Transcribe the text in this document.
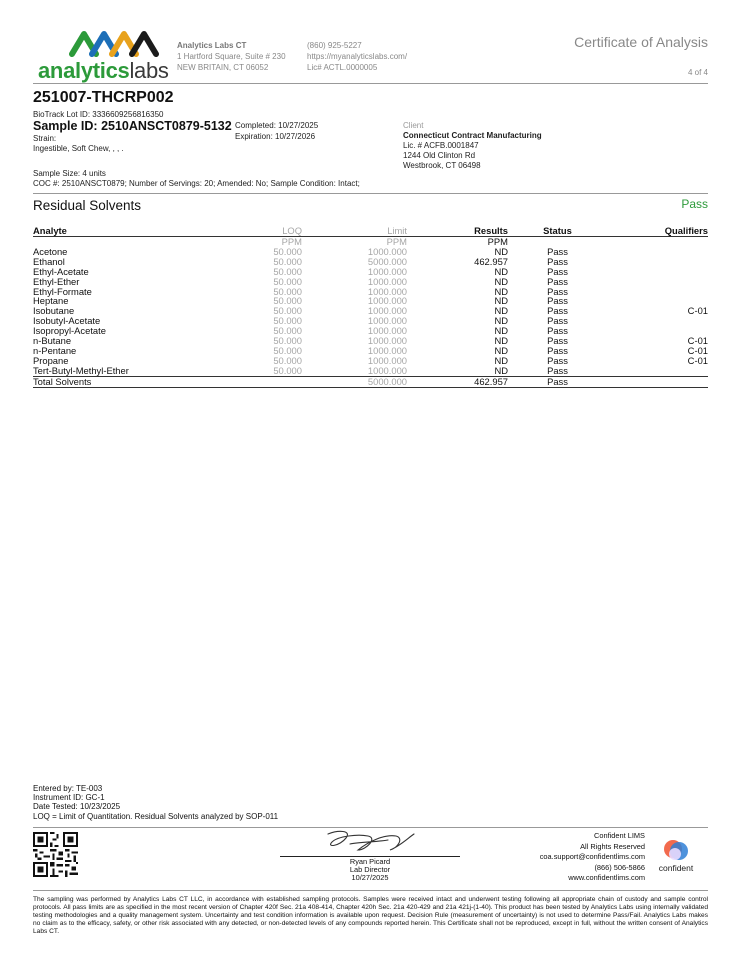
analyticslabs
Analytics Labs CT
1 Hartford Square, Suite # 230
NEW BRITAIN, CT 06052
(860) 925-5227
https://myanalyticslabs.com/
Lic# ACTL.0000005
Certificate of Analysis
4 of 4
251007-THCRP002
BioTrack Lot ID: 3336609256816350
Sample ID: 2510ANSCT0879-5132
Strain:
Ingestible, Soft Chew, , , .
Completed: 10/27/2025
Expiration: 10/27/2026
Client
Connecticut Contract Manufacturing
Lic. # ACFB.0001847
1244 Old Clinton Rd
Westbrook, CT 06498
Sample Size: 4 units
COC #: 2510ANSCT0879; Number of Servings: 20; Amended: No; Sample Condition: Intact;
Residual Solvents	Pass
Analyte	LOQ	Limit	Results	Status	Qualifiers
	PPM	PPM	PPM		
Acetone	50.000	1000.000	ND	Pass	
Ethanol	50.000	5000.000	462.957	Pass	
Ethyl-Acetate	50.000	1000.000	ND	Pass	
Ethyl-Ether	50.000	1000.000	ND	Pass	
Ethyl-Formate	50.000	1000.000	ND	Pass	
Heptane	50.000	1000.000	ND	Pass	
Isobutane	50.000	1000.000	ND	Pass	C-01
Isobutyl-Acetate	50.000	1000.000	ND	Pass	
Isopropyl-Acetate	50.000	1000.000	ND	Pass	
n-Butane	50.000	1000.000	ND	Pass	C-01
n-Pentane	50.000	1000.000	ND	Pass	C-01
Propane	50.000	1000.000	ND	Pass	C-01
Tert-Butyl-Methyl-Ether	50.000	1000.000	ND	Pass	
Total Solvents		5000.000	462.957	Pass	
Entered by: TE-003
Instrument ID: GC-1
Date Tested: 10/23/2025
LOQ = Limit of Quantitation. Residual Solvents analyzed by SOP-011
Ryan Picard
Lab Director
10/27/2025
Confident LIMS
All Rights Reserved
coa.support@confidentlims.com
(866) 506-5866
www.confidentlims.com
confident
The sampling was performed by Analytics Labs CT LLC, in accordance with established sampling protocols. Samples were received intact and underwent testing following all appropriate chain of custody and sample control protocols. All pass limits are as specified in the most recent version of Chapter 420f Sec. 21a 408-414, Chapter 420h Sec. 21a 420-429 and 21a 421j-(1-40). This product has been tested by Analytics Labs using internally validated testing methodologies and a quality management system. Uncertainty and test condition information is available upon request. Decision Rule (measurement of uncertainty) is not used to determine Pass/Fail. Analytics Labs makes no claim as to the efficacy, safety, or other risk associated with any detected, or non-detected levels of any compounds reported herein. This Certificate shall not be reproduced, except in full, without the written consent of Analytics Labs CT.
